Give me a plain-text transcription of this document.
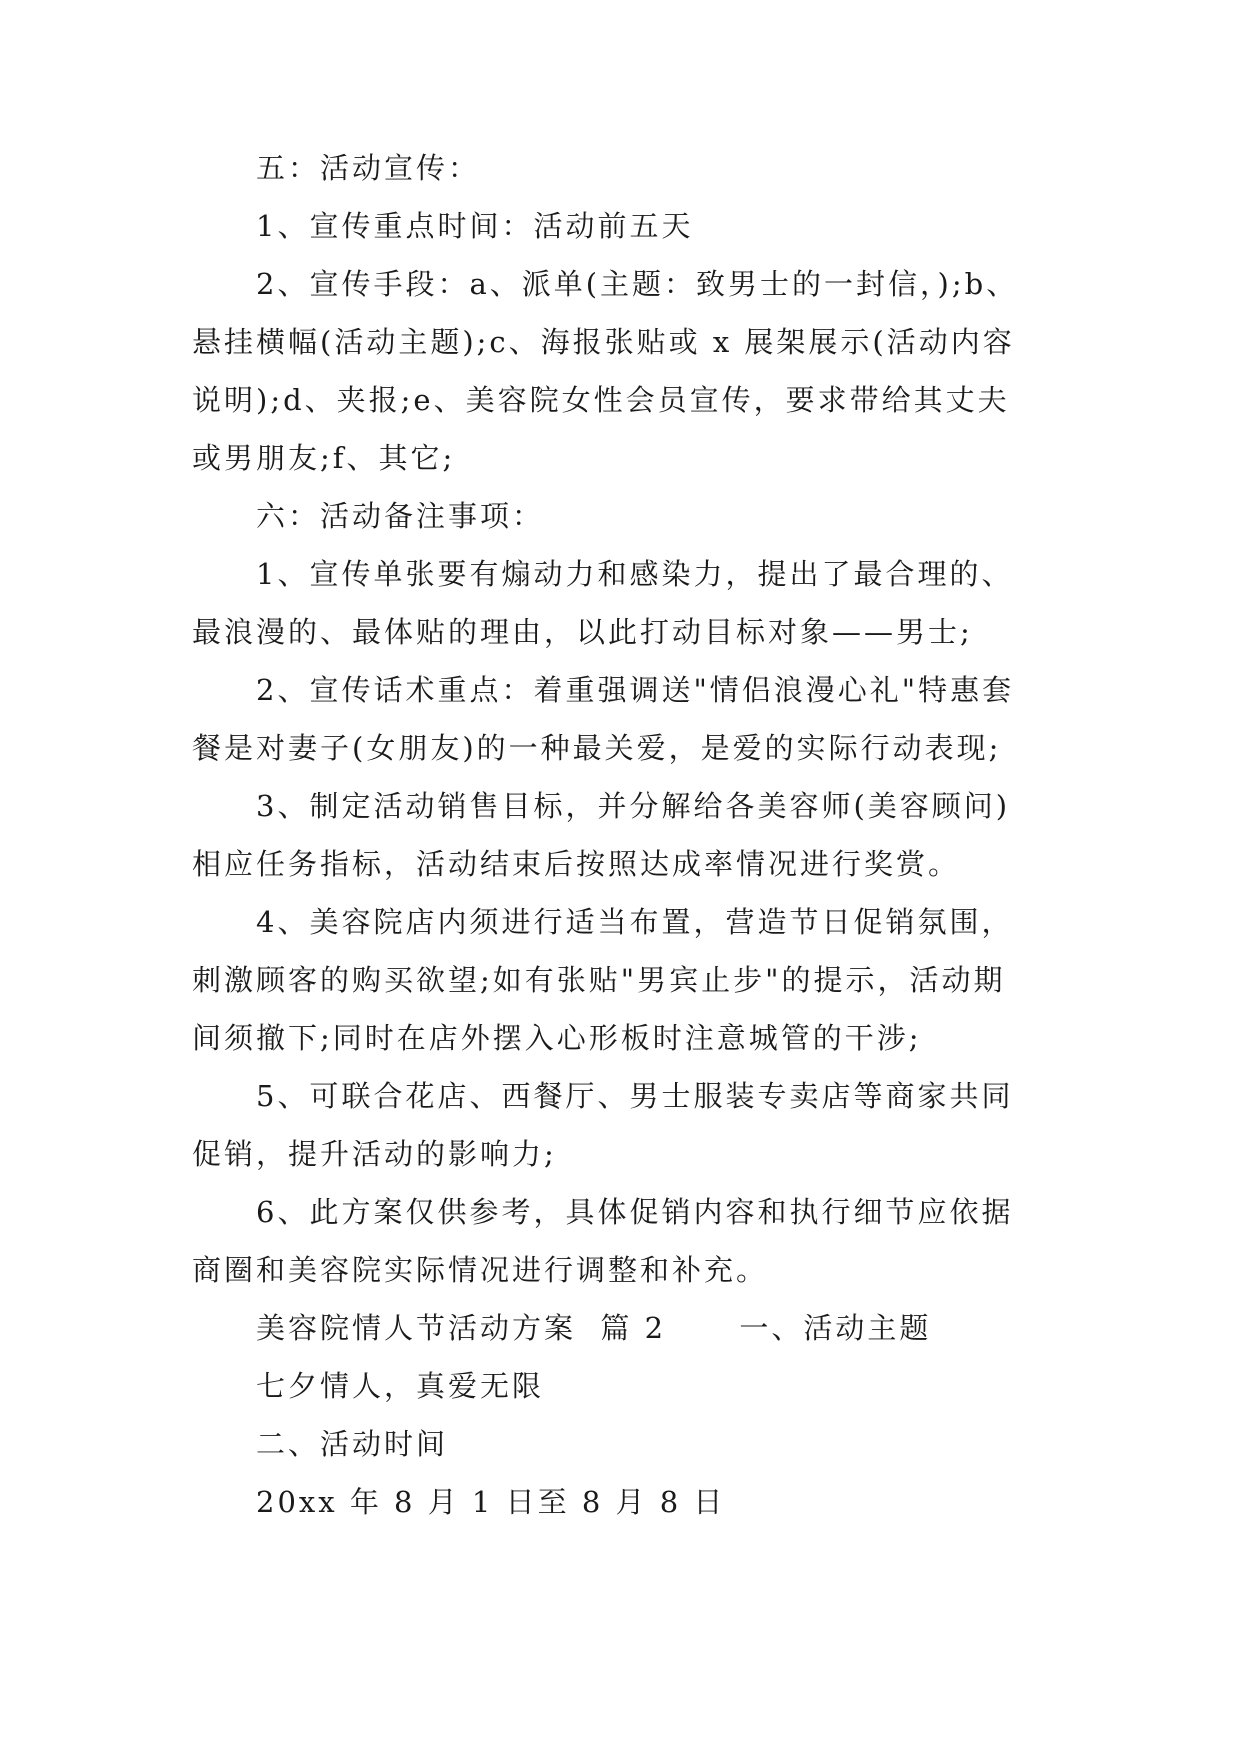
五：活动宣传：
1、宣传重点时间：活动前五天
2、宣传手段：a、派单(主题：致男士的一封信，);b、
悬挂横幅(活动主题);c、海报张贴或 x 展架展示(活动内容
说明);d、夹报;e、美容院女性会员宣传，要求带给其丈夫
或男朋友;f、其它;
六：活动备注事项：
1、宣传单张要有煽动力和感染力，提出了最合理的、
最浪漫的、最体贴的理由，以此打动目标对象——男士;
2、宣传话术重点：着重强调送"情侣浪漫心礼"特惠套
餐是对妻子(女朋友)的一种最关爱，是爱的实际行动表现;
3、制定活动销售目标，并分解给各美容师(美容顾问)
相应任务指标，活动结束后按照达成率情况进行奖赏。
4、美容院店内须进行适当布置，营造节日促销氛围，
刺激顾客的购买欲望;如有张贴"男宾止步"的提示，活动期
间须撤下;同时在店外摆入心形板时注意城管的干涉;
5、可联合花店、西餐厅、男士服装专卖店等商家共同
促销，提升活动的影响力;
6、此方案仅供参考，具体促销内容和执行细节应依据
商圈和美容院实际情况进行调整和补充。
美容院情人节活动方案  篇 2      一、活动主题
七夕情人，真爱无限
二、活动时间
20xx 年 8 月 1 日至 8 月 8 日
